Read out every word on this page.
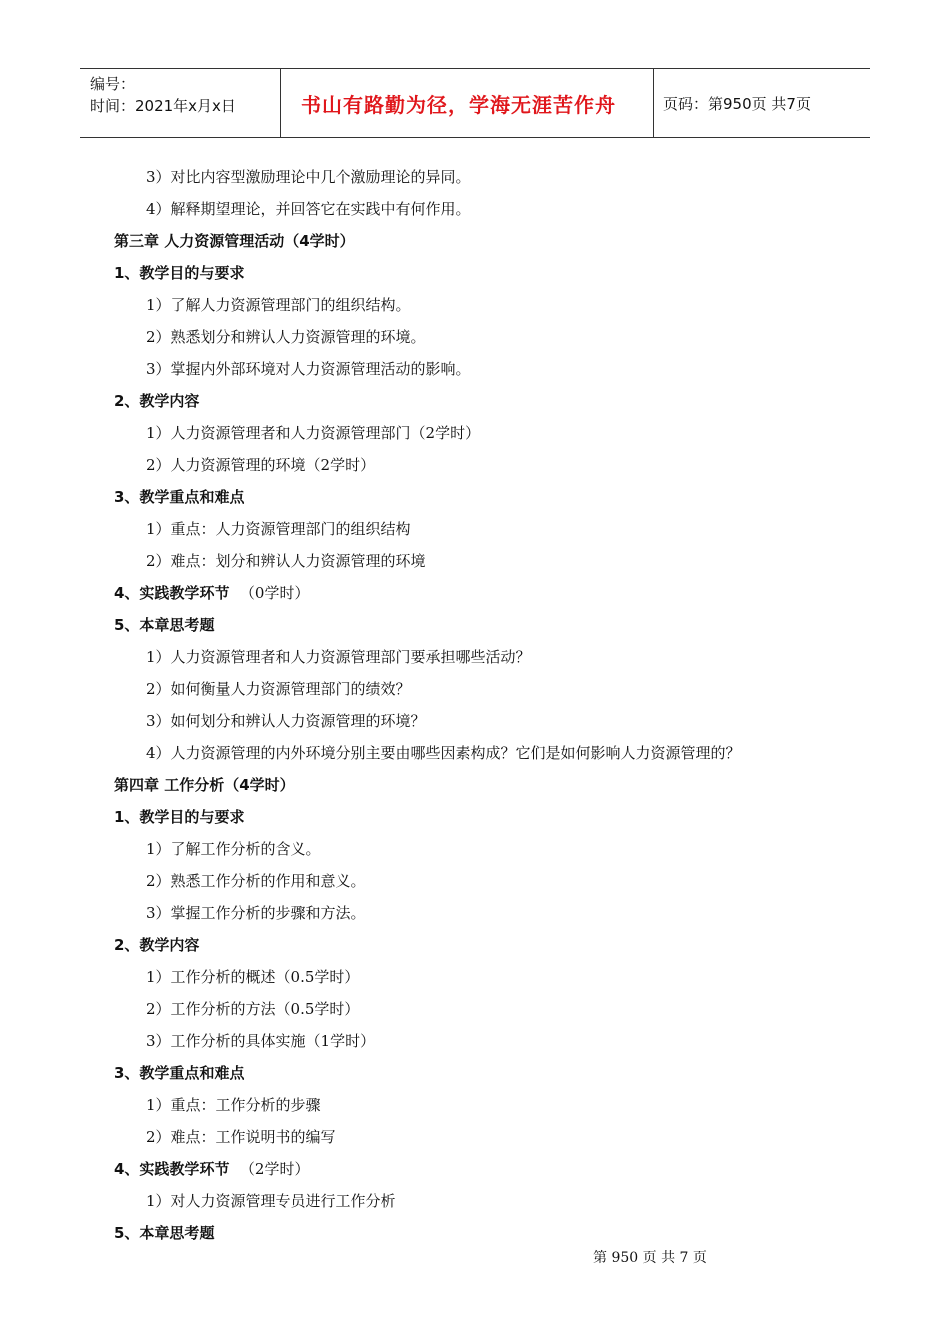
编号：
时间：2021年x月x日	书山有路勤为径，学海无涯苦作舟	页码：第950页 共7页
3）对比内容型激励理论中几个激励理论的异同。
4）解释期望理论，并回答它在实践中有何作用。
第三章 人力资源管理活动（4学时）
1、教学目的与要求
1）了解人力资源管理部门的组织结构。
2）熟悉划分和辨认人力资源管理的环境。
3）掌握内外部环境对人力资源管理活动的影响。
2、教学内容
1）人力资源管理者和人力资源管理部门（2学时）
2）人力资源管理的环境（2学时）
3、教学重点和难点
1）重点：人力资源管理部门的组织结构
2）难点：划分和辨认人力资源管理的环境
4、实践教学环节 （0学时）
5、本章思考题
1）人力资源管理者和人力资源管理部门要承担哪些活动？
2）如何衡量人力资源管理部门的绩效？
3）如何划分和辨认人力资源管理的环境？
4）人力资源管理的内外环境分别主要由哪些因素构成？它们是如何影响人力资源管理的？
第四章 工作分析（4学时）
1、教学目的与要求
1）了解工作分析的含义。
2）熟悉工作分析的作用和意义。
3）掌握工作分析的步骤和方法。
2、教学内容
1）工作分析的概述（0.5学时）
2）工作分析的方法（0.5学时）
3）工作分析的具体实施（1学时）
3、教学重点和难点
1）重点：工作分析的步骤
2）难点：工作说明书的编写
4、实践教学环节 （2学时）
1）对人力资源管理专员进行工作分析
5、本章思考题
第 950 页 共 7 页
